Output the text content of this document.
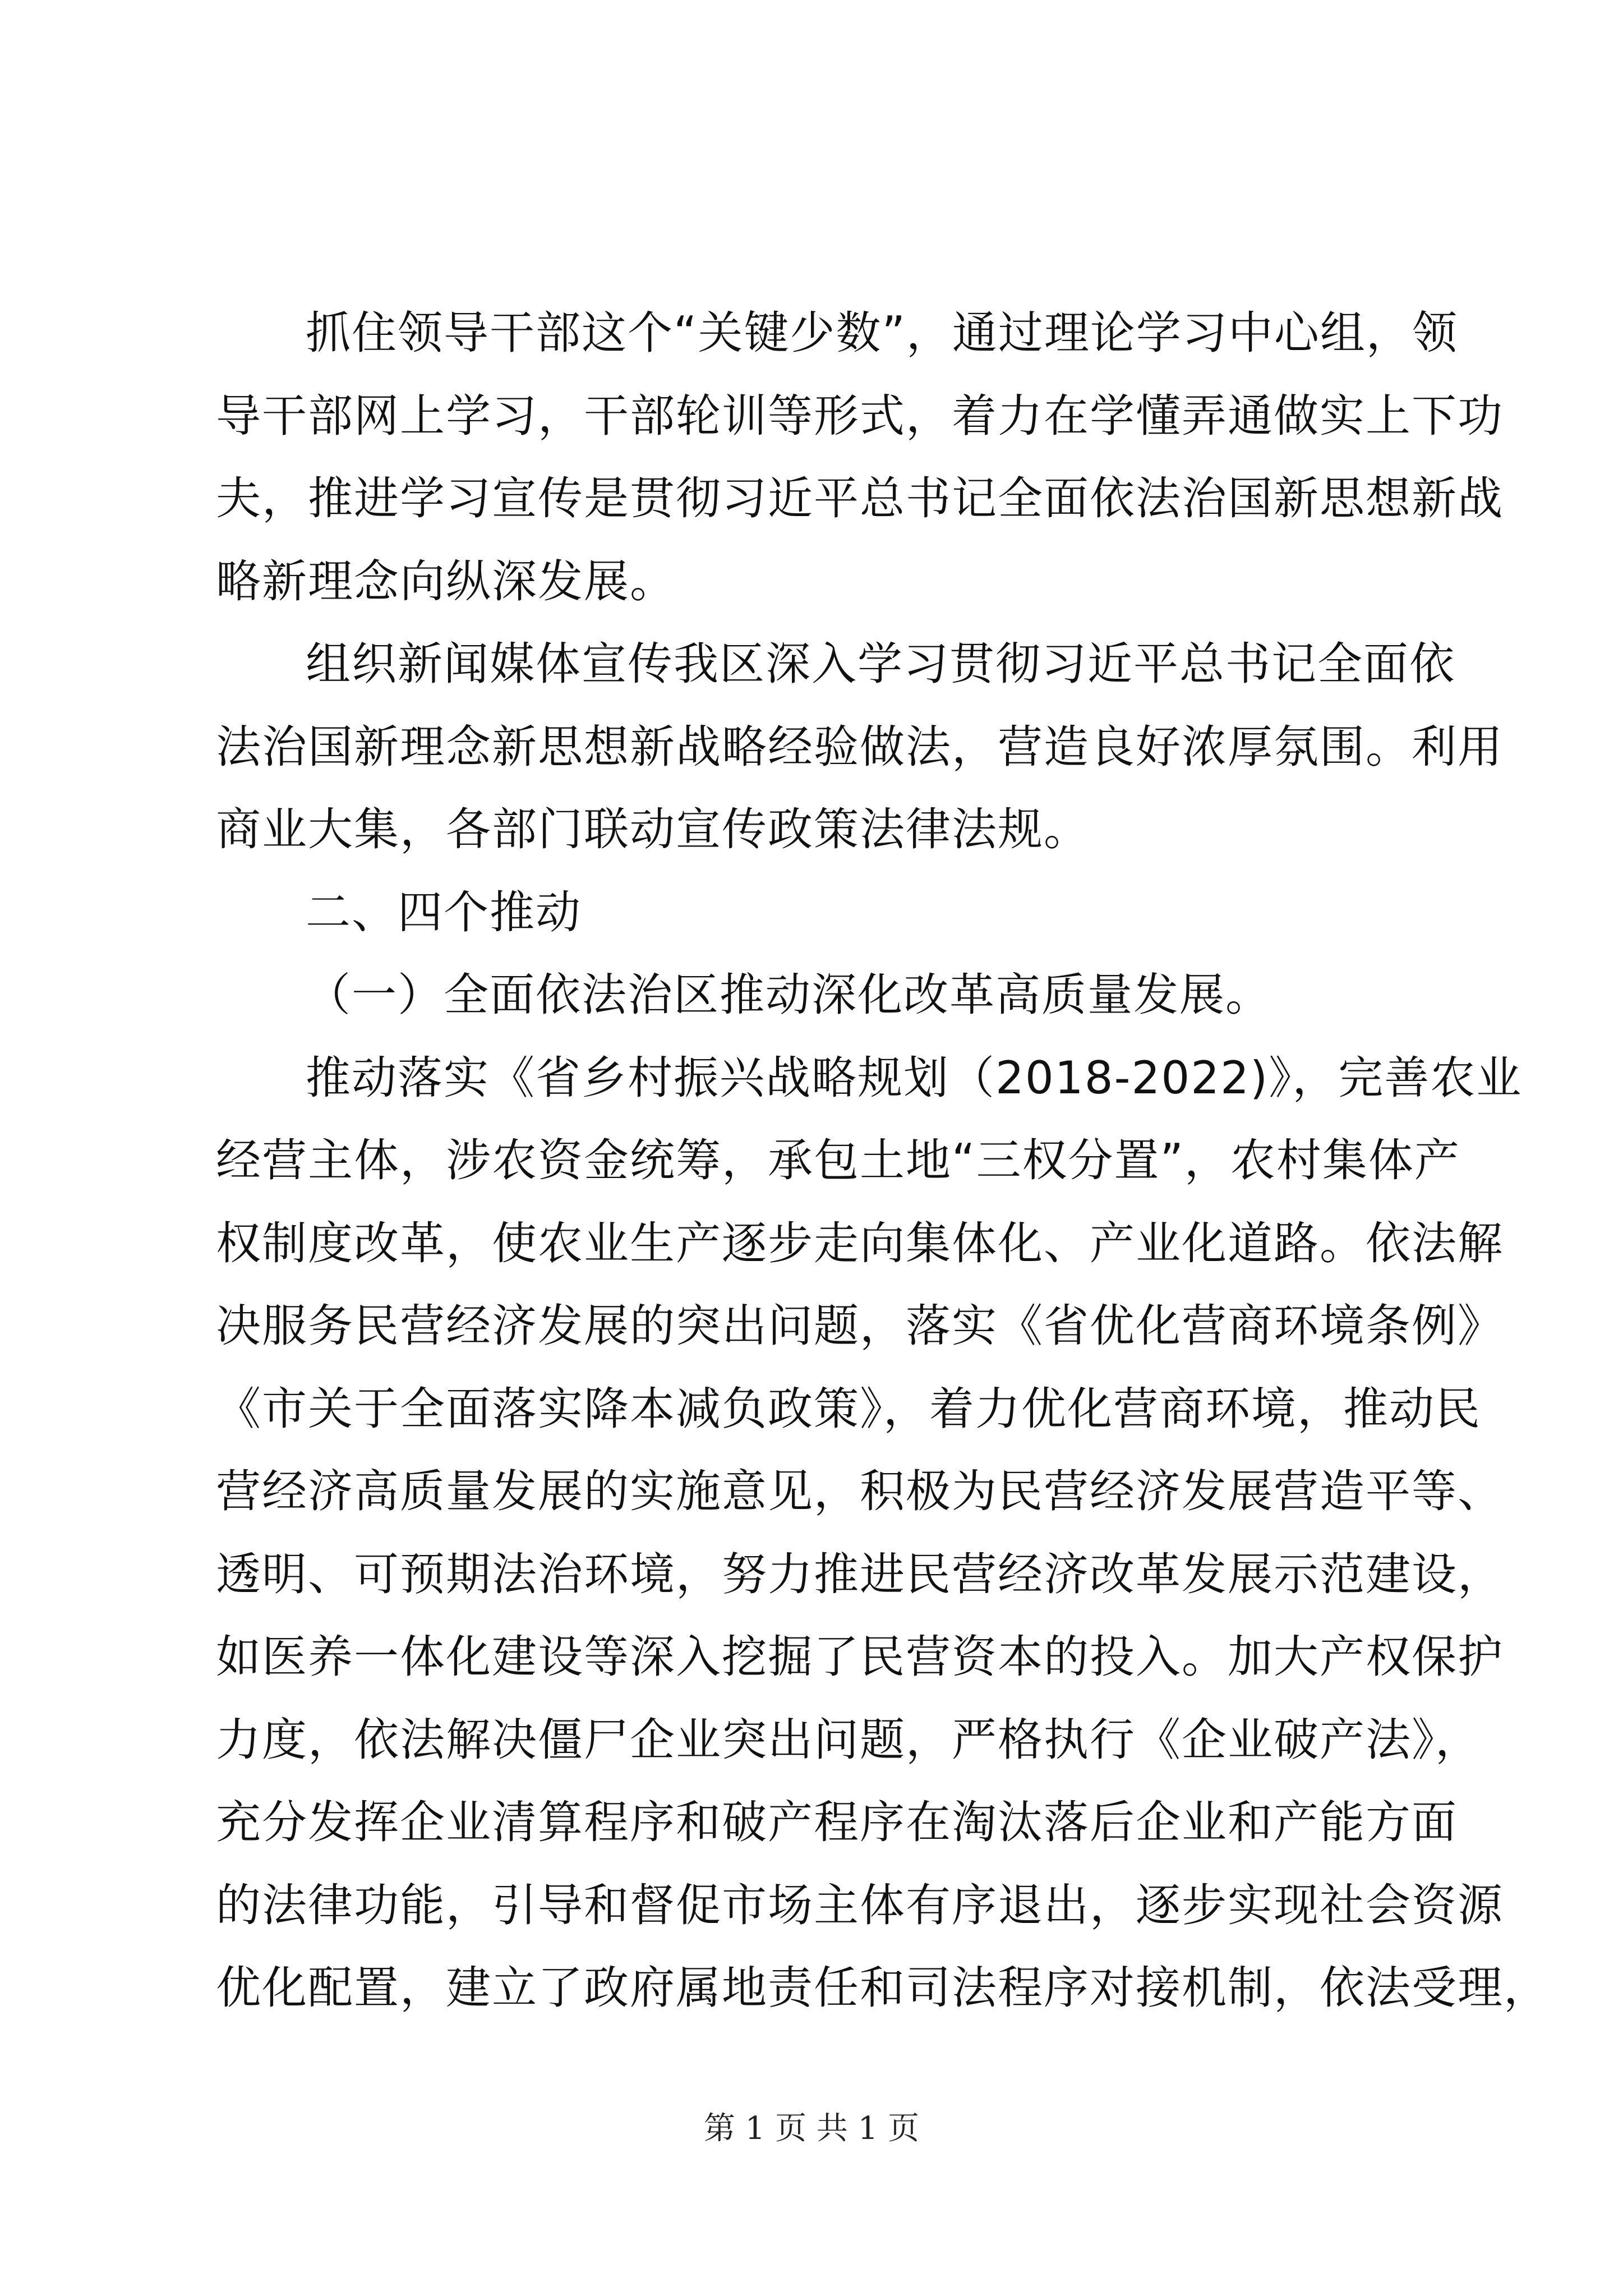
抓住领导干部这个“关键少数”，通过理论学习中心组，领
导干部网上学习，干部轮训等形式，着力在学懂弄通做实上下功
夫，推进学习宣传是贯彻习近平总书记全面依法治国新思想新战
略新理念向纵深发展。
组织新闻媒体宣传我区深入学习贯彻习近平总书记全面依
法治国新理念新思想新战略经验做法，营造良好浓厚氛围。利用
商业大集，各部门联动宣传政策法律法规。
二、四个推动
（一）全面依法治区推动深化改革高质量发展。
推动落实《省乡村振兴战略规划（2018-2022)》，完善农业
经营主体，涉农资金统筹，承包土地“三权分置”，农村集体产
权制度改革，使农业生产逐步走向集体化、产业化道路。依法解
决服务民营经济发展的突出问题，落实《省优化营商环境条例》
《市关于全面落实降本减负政策》，着力优化营商环境，推动民
营经济高质量发展的实施意见，积极为民营经济发展营造平等、
透明、可预期法治环境，努力推进民营经济改革发展示范建设，
如医养一体化建设等深入挖掘了民营资本的投入。加大产权保护
力度，依法解决僵尸企业突出问题，严格执行《企业破产法》，
充分发挥企业清算程序和破产程序在淘汰落后企业和产能方面
的法律功能，引导和督促市场主体有序退出，逐步实现社会资源
优化配置，建立了政府属地责任和司法程序对接机制，依法受理，
第 1 页 共 1 页
